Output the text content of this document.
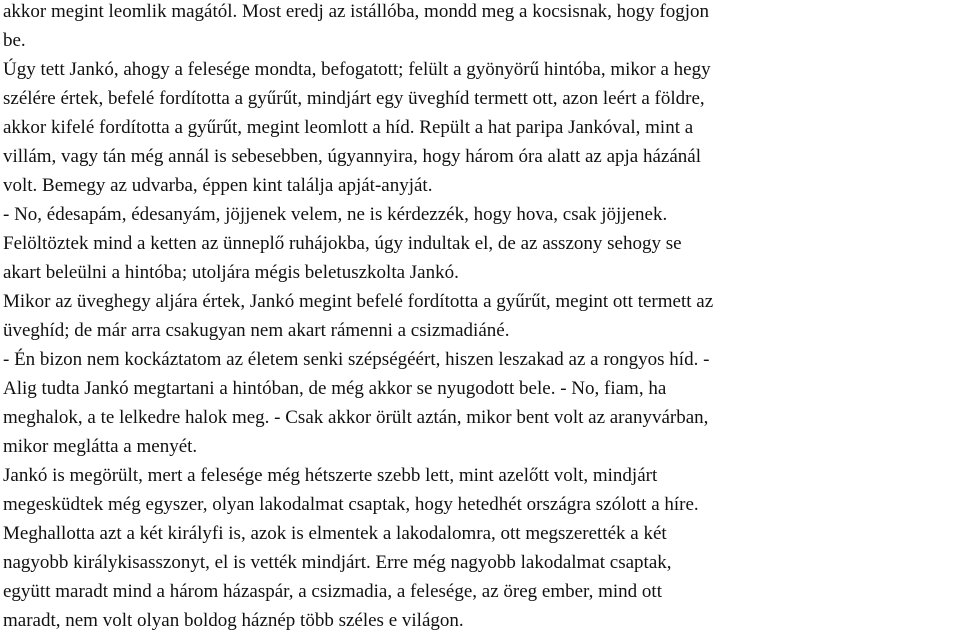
akkor megint leomlik magától. Most eredj az istállóba, mondd meg a kocsisnak, hogy fogjon
be.
Úgy tett Jankó, ahogy a felesége mondta, befogatott; felült a gyönyörű hintóba, mikor a hegy
szélére értek, befelé fordította a gyűrűt, mindjárt egy üveghíd termett ott, azon leért a földre,
akkor kifelé fordította a gyűrűt, megint leomlott a híd. Repült a hat paripa Jankóval, mint a
villám, vagy tán még annál is sebesebben, úgyannyira, hogy három óra alatt az apja házánál
volt. Bemegy az udvarba, éppen kint találja apját-anyját.
- No, édesapám, édesanyám, jöjjenek velem, ne is kérdezzék, hogy hova, csak jöjjenek.
Felöltöztek mind a ketten az ünneplő ruhájokba, úgy indultak el, de az asszony sehogy se
akart beleülni a hintóba; utoljára mégis beletuszkolta Jankó.
Mikor az üveghegy aljára értek, Jankó megint befelé fordította a gyűrűt, megint ott termett az
üveghíd; de már arra csakugyan nem akart rámenni a csizmadiáné.
- Én bizon nem kockáztatom az életem senki szépségéért, hiszen leszakad az a rongyos híd. -
Alig tudta Jankó megtartani a hintóban, de még akkor se nyugodott bele. - No, fiam, ha
meghalok, a te lelkedre halok meg. - Csak akkor örült aztán, mikor bent volt az aranyvárban,
mikor meglátta a menyét.
Jankó is megörült, mert a felesége még hétszerte szebb lett, mint azelőtt volt, mindjárt
megesküdtek még egyszer, olyan lakodalmat csaptak, hogy hetedhét országra szólott a híre.
Meghallotta azt a két királyfi is, azok is elmentek a lakodalomra, ott megszerették a két
nagyobb királykisasszonyt, el is vették mindjárt. Erre még nagyobb lakodalmat csaptak,
együtt maradt mind a három házaspár, a csizmadia, a felesége, az öreg ember, mind ott
maradt, nem volt olyan boldog háznép több széles e világon.
